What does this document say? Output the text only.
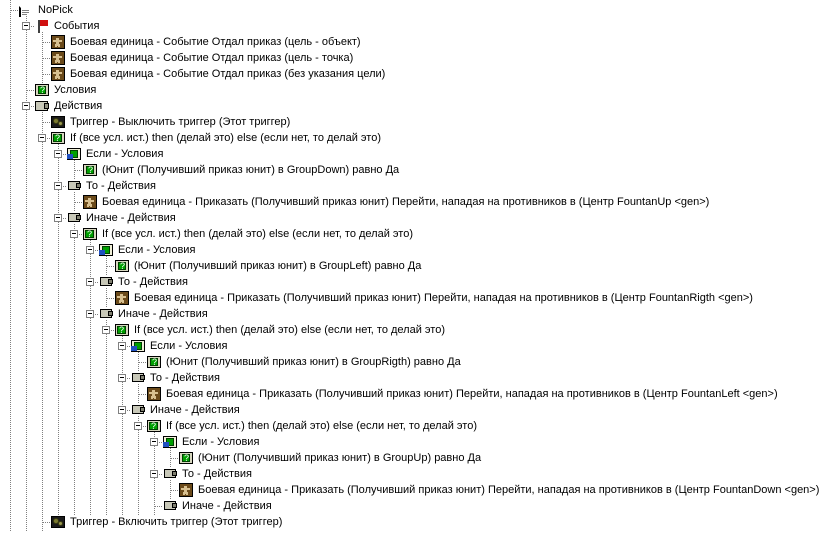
NoPick
События
Боевая единица - Событие Отдал приказ (цель - объект)
Боевая единица - Событие Отдал приказ (цель - точка)
Боевая единица - Событие Отдал приказ (без указания цели)
? Условия
Действия
Триггер - Выключить триггер (Этот триггер)
? If (все усл. ист.) then (делай это) else (если нет, то делай это)
Если - Условия
? (Юнит (Получивший приказ юнит) в GroupDown) равно Да
То - Действия
Боевая единица - Приказать (Получивший приказ юнит) Перейти, нападая на противников в (Центр FountanUp <gen>)
Иначе - Действия
? If (все усл. ист.) then (делай это) else (если нет, то делай это)
Если - Условия
? (Юнит (Получивший приказ юнит) в GroupLeft) равно Да
То - Действия
Боевая единица - Приказать (Получивший приказ юнит) Перейти, нападая на противников в (Центр FountanRigth <gen>)
Иначе - Действия
? If (все усл. ист.) then (делай это) else (если нет, то делай это)
Если - Условия
? (Юнит (Получивший приказ юнит) в GroupRigth) равно Да
То - Действия
Боевая единица - Приказать (Получивший приказ юнит) Перейти, нападая на противников в (Центр FountanLeft <gen>)
Иначе - Действия
? If (все усл. ист.) then (делай это) else (если нет, то делай это)
Если - Условия
? (Юнит (Получивший приказ юнит) в GroupUp) равно Да
То - Действия
Боевая единица - Приказать (Получивший приказ юнит) Перейти, нападая на противников в (Центр FountanDown <gen>)
Иначе - Действия
Триггер - Включить триггер (Этот триггер)
